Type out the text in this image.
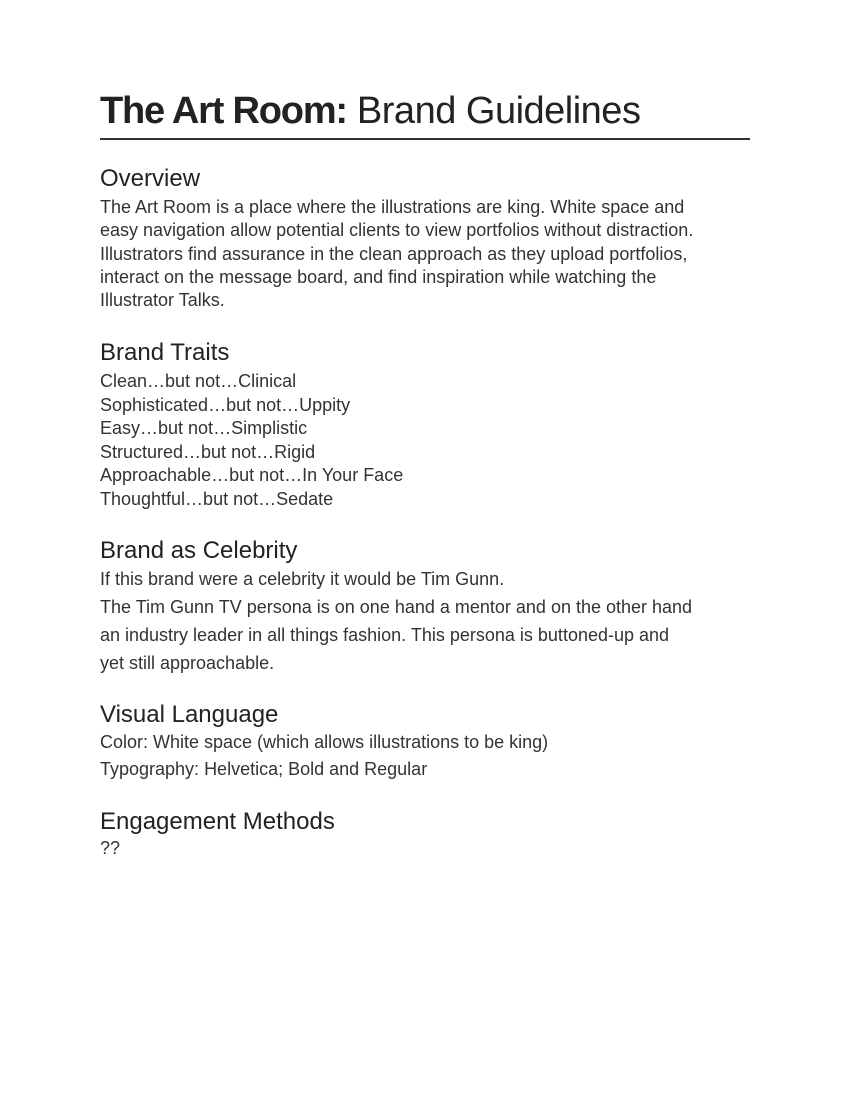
The Art Room: Brand Guidelines
Overview

The Art Room is a place where the illustrations are king. White space and
easy navigation allow potential clients to view portfolios without distraction.
Illustrators find assurance in the clean approach as they upload portfolios,
interact on the message board, and find inspiration while watching the
Illustrator Talks.

Brand Traits
Clean…but not…Clinical
Sophisticated…but not…Uppity
Easy…but not…Simplistic
Structured…but not…Rigid
Approachable…but not…In Your Face
Thoughtful…but not…Sedate
Brand as Celebrity

If this brand were a celebrity it would be Tim Gunn.
The Tim Gunn TV persona is on one hand a mentor and on the other hand
an industry leader in all things fashion. This persona is buttoned-up and
yet still approachable.

Visual Language

Color: White space (which allows illustrations to be king)
Typography: Helvetica; Bold and Regular

Engagement Methods

??
